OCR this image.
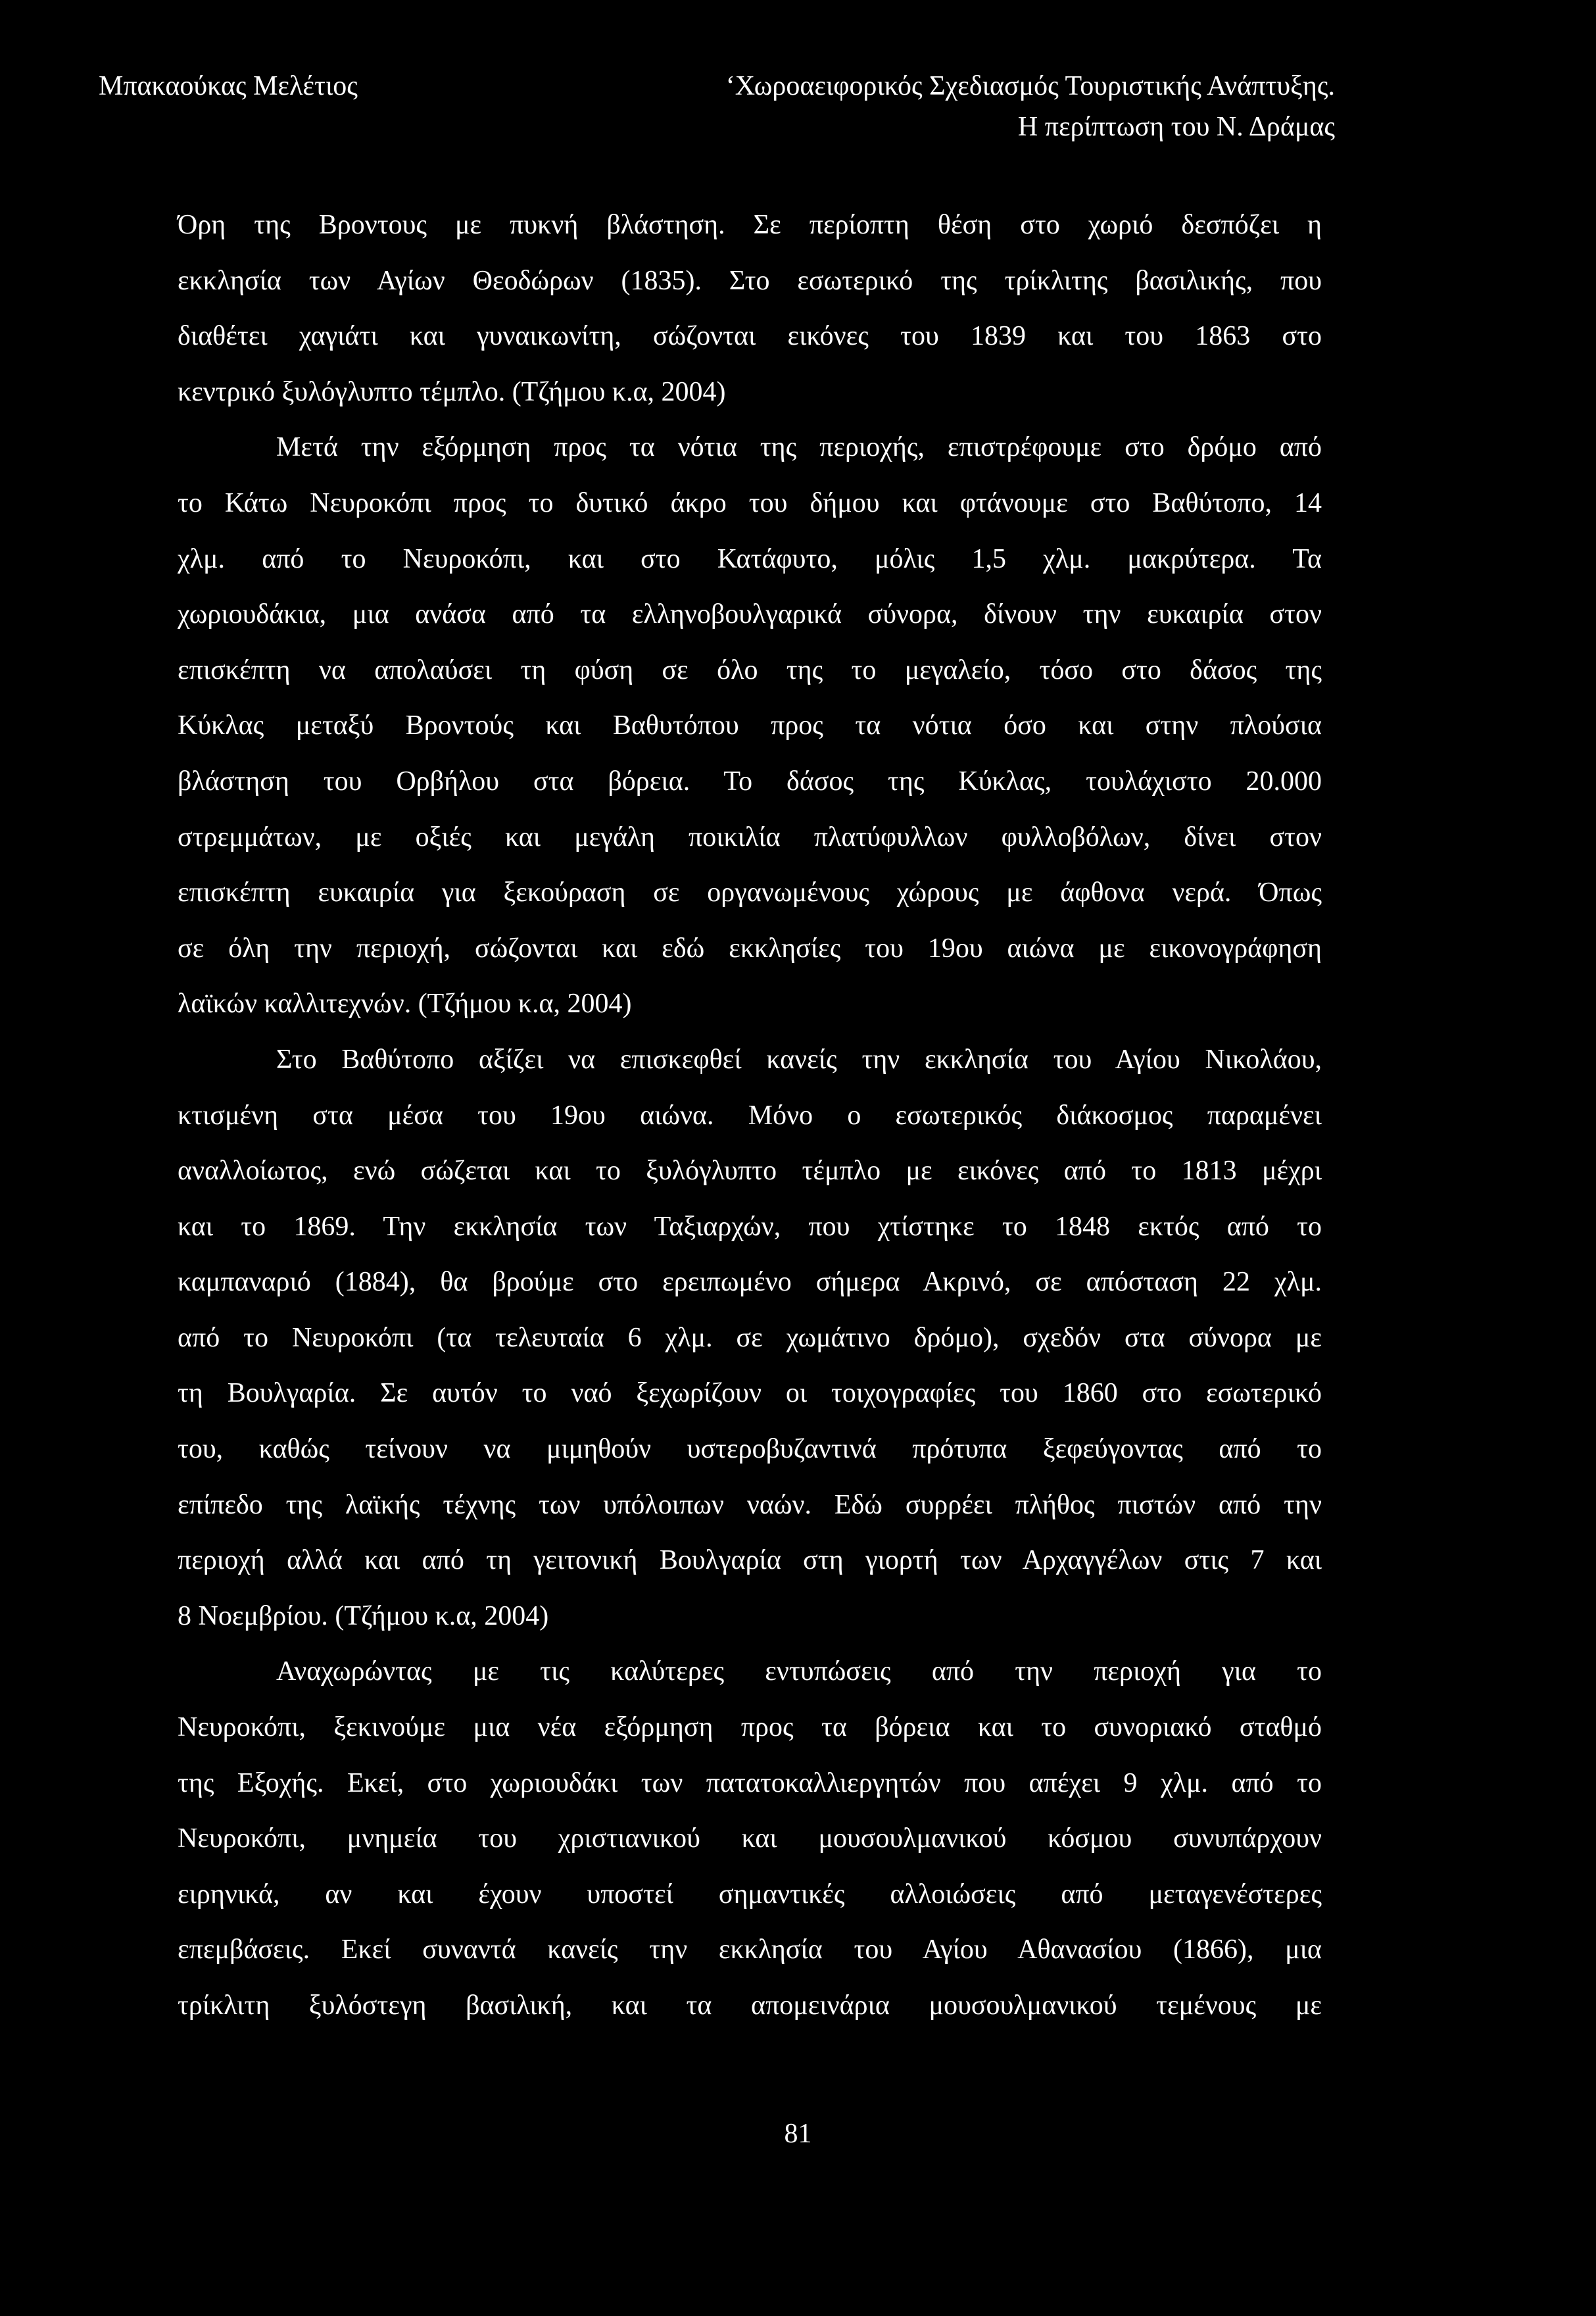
Μπακαούκας Μελέτιος	‘Χωροαειφορικός Σχεδιασμός Τουριστικής Ανάπτυξης.
Η περίπτωση του Ν. Δράμας
Όρη της Βροντους με πυκνή βλάστηση. Σε περίοπτη θέση στο χωριό δεσπόζει η
εκκλησία των Αγίων Θεοδώρων (1835). Στο εσωτερικό της τρίκλιτης βασιλικής, που
διαθέτει χαγιάτι και γυναικωνίτη, σώζονται εικόνες του 1839 και του 1863 στο
κεντρικό ξυλόγλυπτο τέμπλο. (Τζήμου κ.α, 2004)
Μετά την εξόρμηση προς τα νότια της περιοχής, επιστρέφουμε στο δρόμο από
το Κάτω Νευροκόπι προς το δυτικό άκρο του δήμου και φτάνουμε στο Βαθύτοπο, 14
χλμ. από το Νευροκόπι, και στο Κατάφυτο, μόλις 1,5 χλμ. μακρύτερα. Τα
χωριουδάκια, μια ανάσα από τα ελληνοβουλγαρικά σύνορα, δίνουν την ευκαιρία στον
επισκέπτη να απολαύσει τη φύση σε όλο της το μεγαλείο, τόσο στο δάσος της
Κύκλας μεταξύ Βροντούς και Βαθυτόπου προς τα νότια όσο και στην πλούσια
βλάστηση του Ορβήλου στα βόρεια. Το δάσος της Κύκλας, τουλάχιστο 20.000
στρεμμάτων, με οξιές και μεγάλη ποικιλία πλατύφυλλων φυλλοβόλων, δίνει στον
επισκέπτη ευκαιρία για ξεκούραση σε οργανωμένους χώρους με άφθονα νερά. Όπως
σε όλη την περιοχή, σώζονται και εδώ εκκλησίες του 19ου αιώνα με εικονογράφηση
λαϊκών καλλιτεχνών. (Τζήμου κ.α, 2004)
Στο Βαθύτοπο αξίζει να επισκεφθεί κανείς την εκκλησία του Αγίου Νικολάου,
κτισμένη στα μέσα του 19ου αιώνα. Μόνο ο εσωτερικός διάκοσμος παραμένει
αναλλοίωτος, ενώ σώζεται και το ξυλόγλυπτο τέμπλο με εικόνες από το 1813 μέχρι
και το 1869. Την εκκλησία των Ταξιαρχών, που χτίστηκε το 1848 εκτός από το
καμπαναριό (1884), θα βρούμε στο ερειπωμένο σήμερα Ακρινό, σε απόσταση 22 χλμ.
από το Νευροκόπι (τα τελευταία 6 χλμ. σε χωμάτινο δρόμο), σχεδόν στα σύνορα με
τη Βουλγαρία. Σε αυτόν το ναό ξεχωρίζουν οι τοιχογραφίες του 1860 στο εσωτερικό
του, καθώς τείνουν να μιμηθούν υστεροβυζαντινά πρότυπα ξεφεύγοντας από το
επίπεδο της λαϊκής τέχνης των υπόλοιπων ναών. Εδώ συρρέει πλήθος πιστών από την
περιοχή αλλά και από τη γειτονική Βουλγαρία στη γιορτή των Αρχαγγέλων στις 7 και
8 Νοεμβρίου. (Τζήμου κ.α, 2004)
Αναχωρώντας με τις καλύτερες εντυπώσεις από την περιοχή για το
Νευροκόπι, ξεκινούμε μια νέα εξόρμηση προς τα βόρεια και το συνοριακό σταθμό
της Εξοχής. Εκεί, στο χωριουδάκι των πατατοκαλλιεργητών που απέχει 9 χλμ. από το
Νευροκόπι, μνημεία του χριστιανικού και μουσουλμανικού κόσμου συνυπάρχουν
ειρηνικά, αν και έχουν υποστεί σημαντικές αλλοιώσεις από μεταγενέστερες
επεμβάσεις. Εκεί συναντά κανείς την εκκλησία του Αγίου Αθανασίου (1866), μια
τρίκλιτη ξυλόστεγη βασιλική, και τα απομεινάρια μουσουλμανικού τεμένους με
81
